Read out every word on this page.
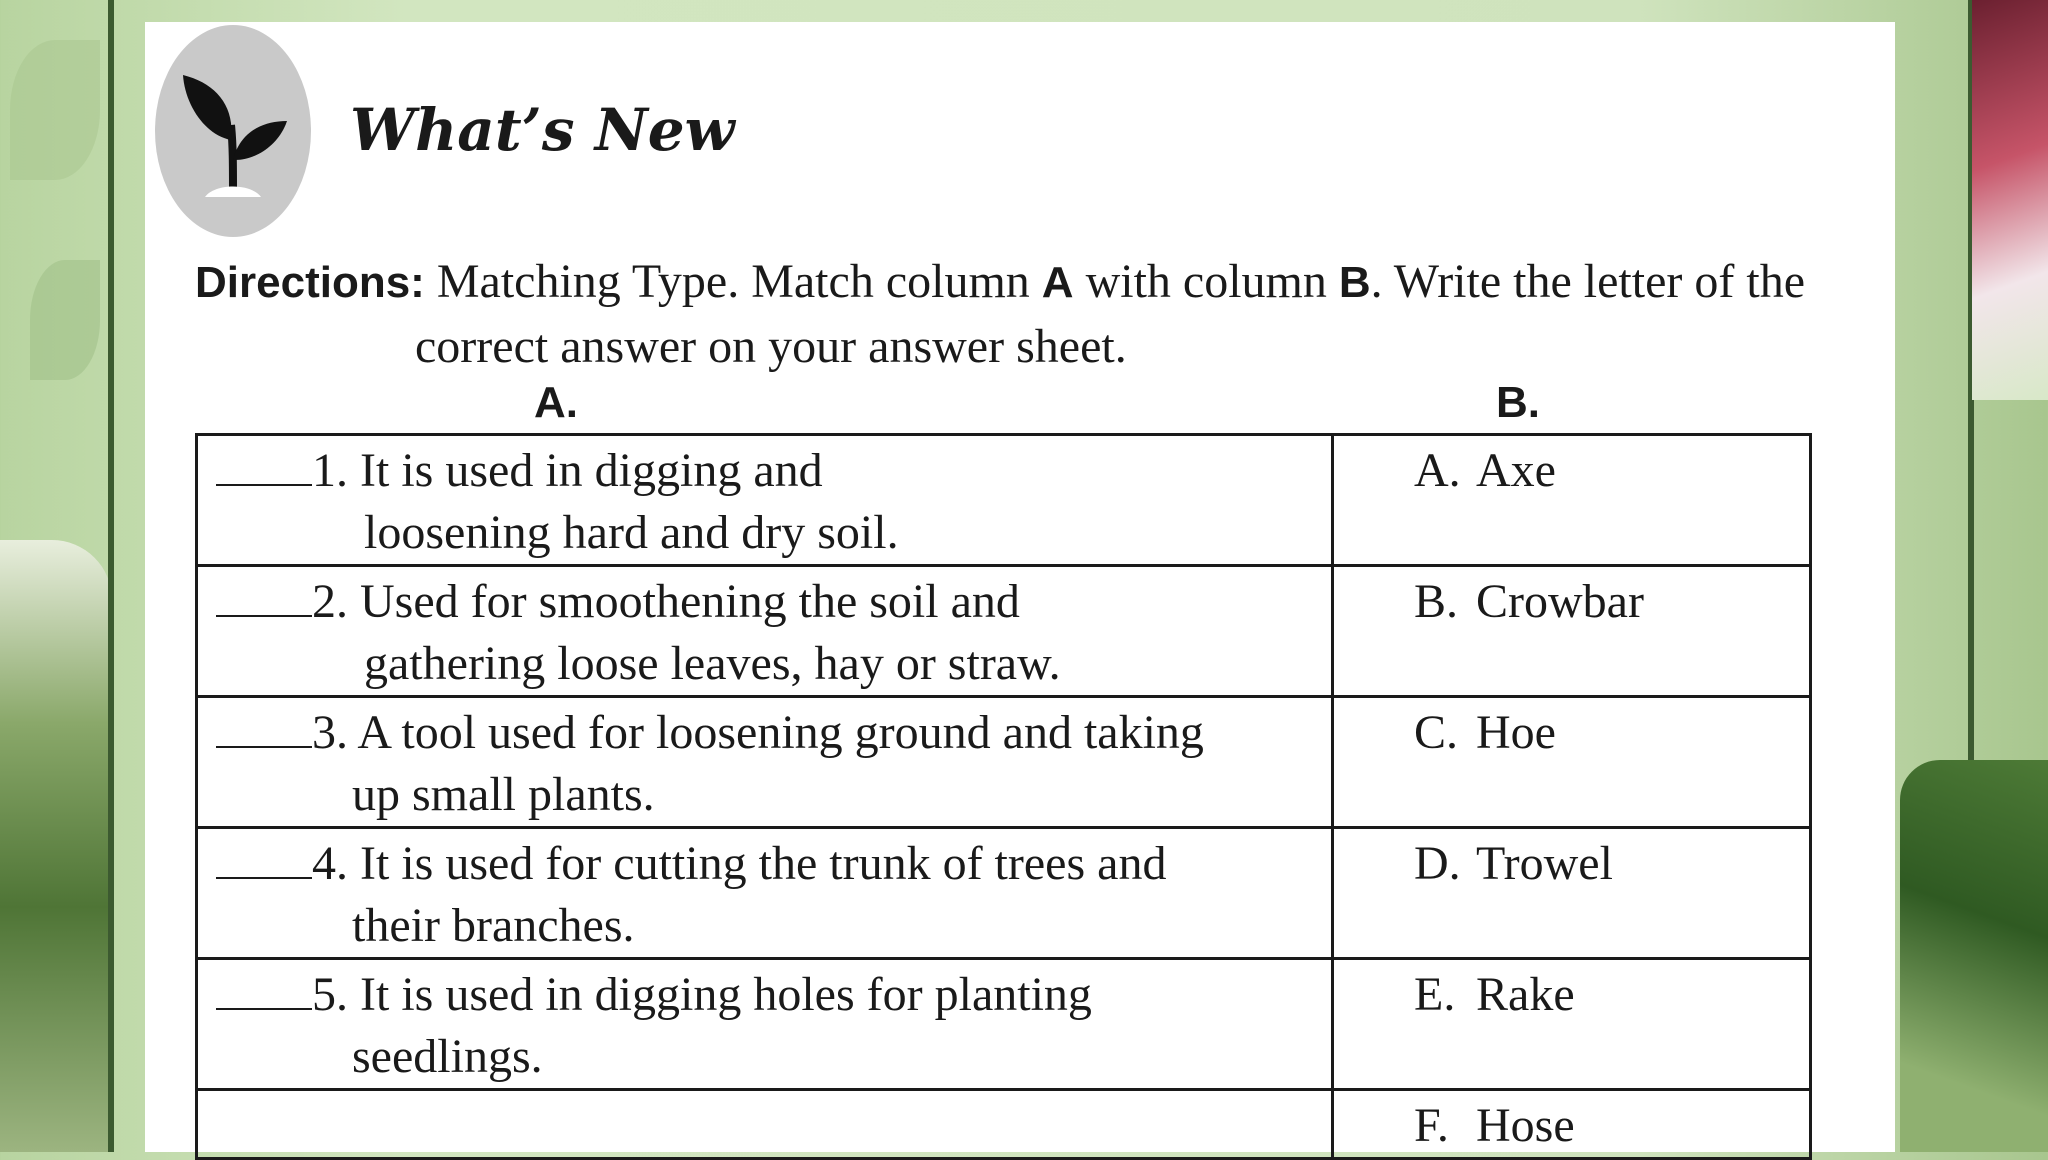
What’s New
Directions: Matching Type. Match column A with column B. Write the letter of the
correct answer on your answer sheet.
A.	B.
1. It is used in digging and
loosening hard and dry soil.	A. Axe

2. Used for smoothening the soil and
gathering loose leaves, hay or straw.	B. Crowbar

3. A tool used for loosening ground and taking
up small plants.	C. Hoe

4. It is used for cutting the trunk of trees and
their branches.	D. Trowel

5. It is used in digging holes for planting
seedlings.	E. Rake

	F. Hose
